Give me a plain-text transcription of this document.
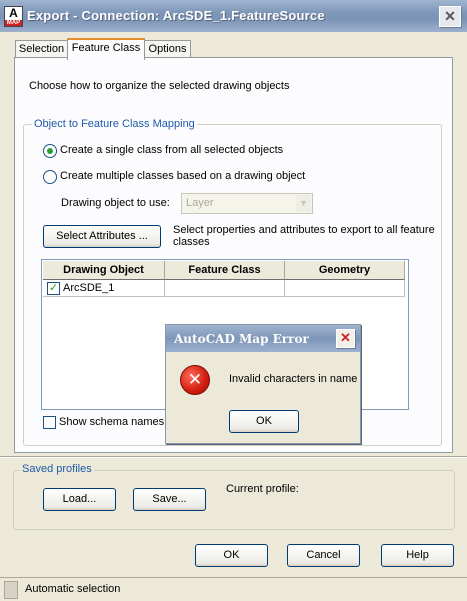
A
MAP Export - Connection: ArcSDE_1.FeatureSource	✕
Selection Feature Class Options
Choose how to organize the selected drawing objects
Object to Feature Class Mapping
Create a single class from all selected objects
Create multiple classes based on a drawing object
Drawing object to use: Layer	▼
Select Attributes ...	Select properties and attributes to export to all feature classes
Drawing Object	Feature Class	Geometry
✓ ArcSDE_1
Show schema names
AutoCAD Map Error	✕
✕	Invalid characters in name
OK
Saved profiles
Load...	Save...
Current profile:
OK	Cancel	Help
Automatic selection
